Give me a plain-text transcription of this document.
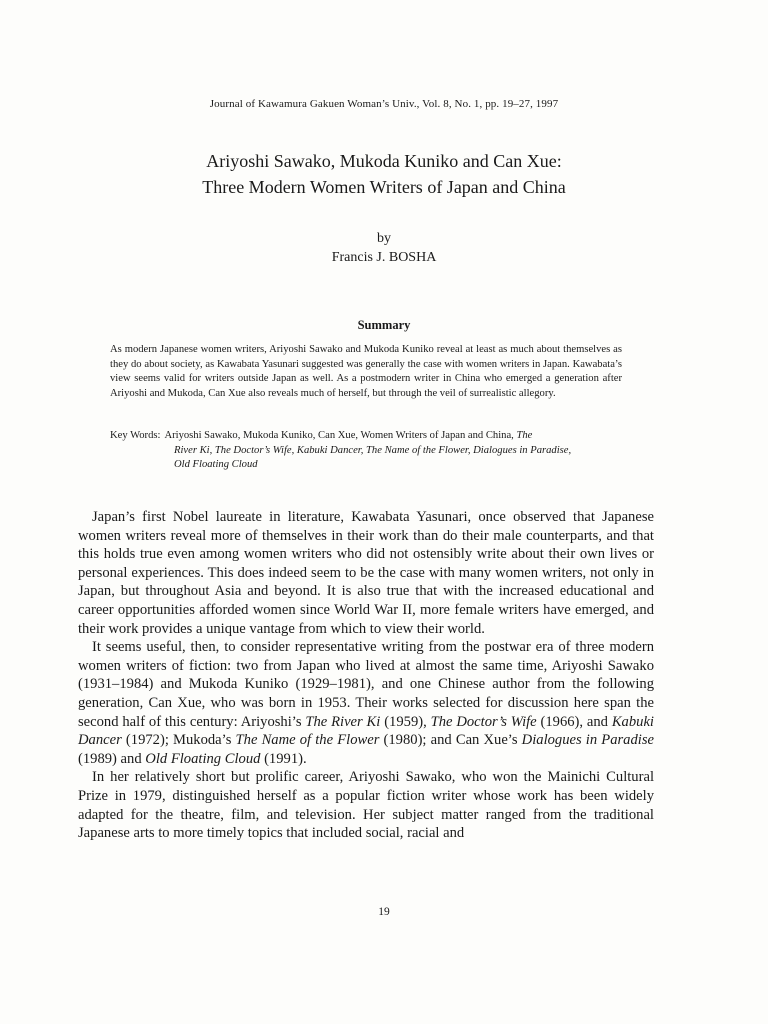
Journal of Kawamura Gakuen Woman’s Univ., Vol. 8, No. 1, pp. 19–27, 1997
Ariyoshi Sawako, Mukoda Kuniko and Can Xue:
Three Modern Women Writers of Japan and China
by
Francis J. BOSHA
Summary

As modern Japanese women writers, Ariyoshi Sawako and Mukoda Kuniko reveal at least as much about themselves as they do about society, as Kawabata Yasunari suggested was generally the case with women writers in Japan. Kawabata’s view seems valid for writers outside Japan as well. As a postmodern writer in China who emerged a generation after Ariyoshi and Mukoda, Can Xue also reveals much of herself, but through the veil of surrealistic allegory.

Key Words: Ariyoshi Sawako, Mukoda Kuniko, Can Xue, Women Writers of Japan and China, The
River Ki, The Doctor’s Wife, Kabuki Dancer, The Name of the Flower, Dialogues in Paradise,
Old Floating Cloud

Japan’s first Nobel laureate in literature, Kawabata Yasunari, once observed that Japanese women writers reveal more of themselves in their work than do their male counterparts, and that this holds true even among women writers who did not ostensibly write about their own lives or personal experiences. This does indeed seem to be the case with many women writers, not only in Japan, but throughout Asia and beyond. It is also true that with the increased educational and career opportunities afforded women since World War II, more female writers have emerged, and their work provides a unique vantage from which to view their world.

It seems useful, then, to consider representative writing from the postwar era of three modern women writers of fiction: two from Japan who lived at almost the same time, Ariyoshi Sawako (1931–1984) and Mukoda Kuniko (1929–1981), and one Chinese author from the following generation, Can Xue, who was born in 1953. Their works selected for discussion here span the second half of this century: Ariyoshi’s The River Ki (1959), The Doctor’s Wife (1966), and Kabuki Dancer (1972); Mukoda’s The Name of the Flower (1980); and Can Xue’s Dialogues in Paradise (1989) and Old Floating Cloud (1991).

In her relatively short but prolific career, Ariyoshi Sawako, who won the Mainichi Cultural Prize in 1979, distinguished herself as a popular fiction writer whose work has been widely adapted for the theatre, film, and television. Her subject matter ranged from the traditional Japanese arts to more timely topics that included social, racial and

19
